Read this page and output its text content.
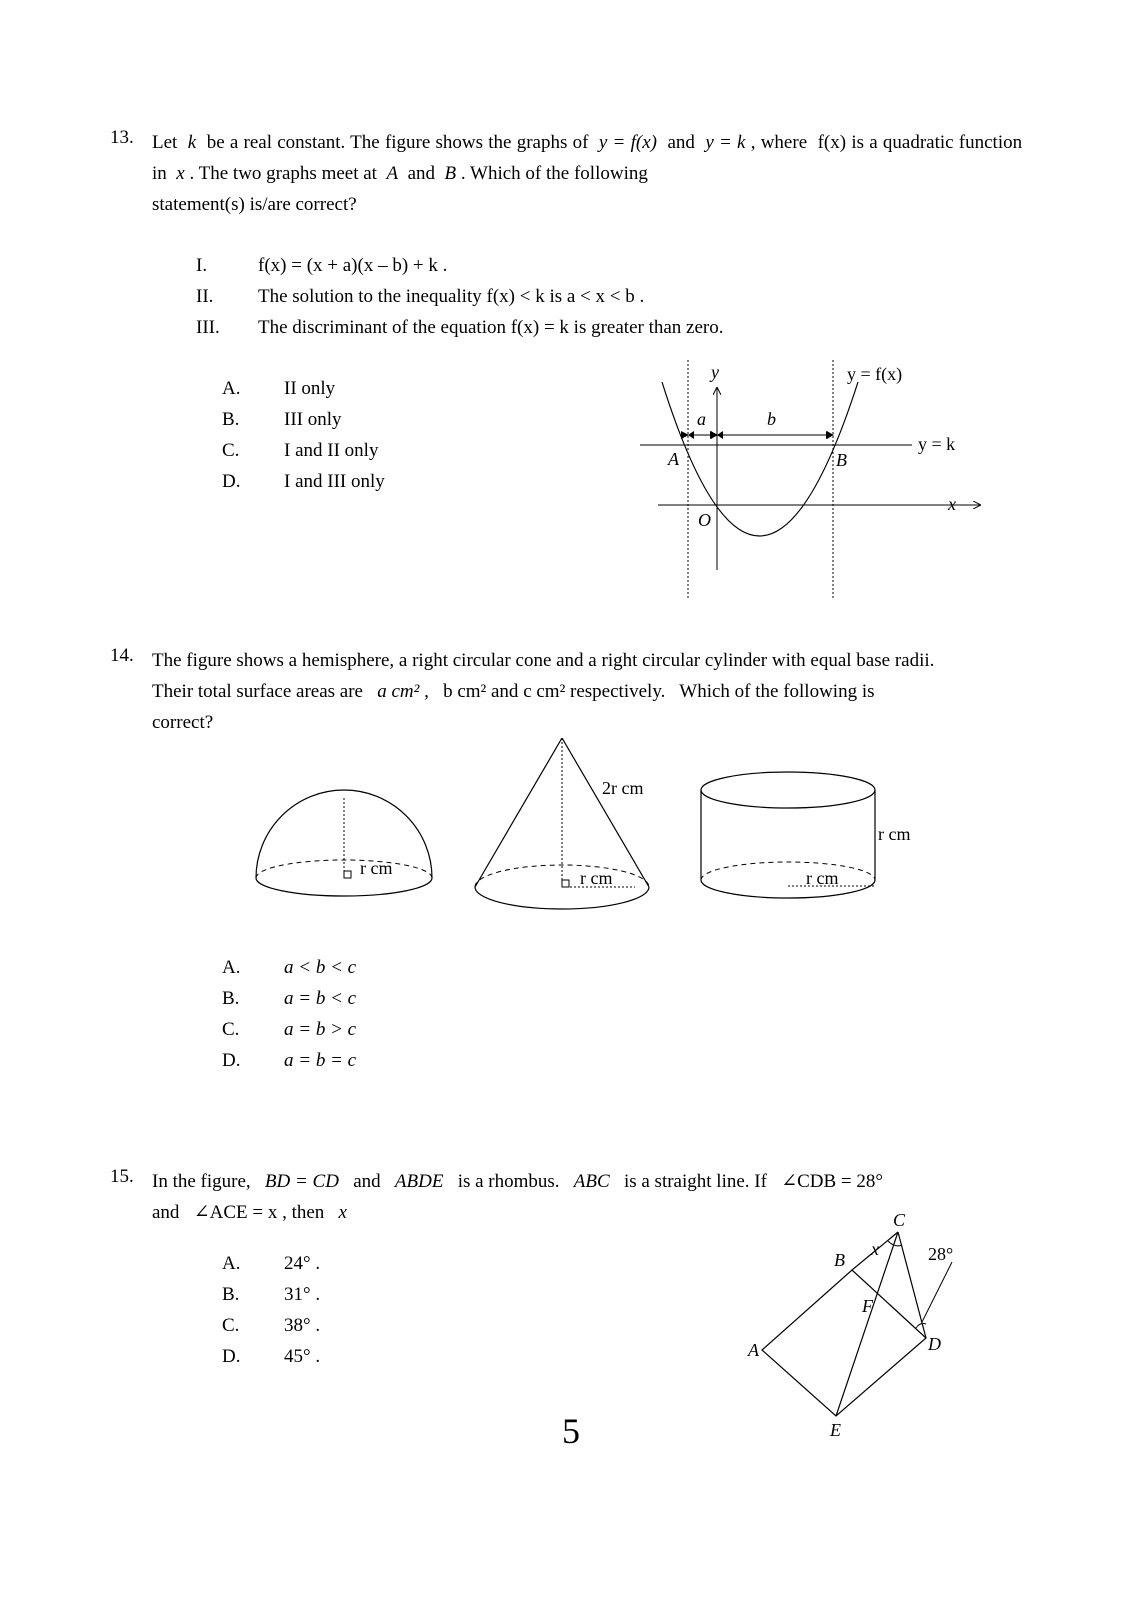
13. Let k be a real constant. The figure shows the graphs of y = f(x) and y = k , where f(x) is a quadratic function in x . The two graphs meet at A and B . Which of the following
statement(s) is/are correct?
I.	f(x) = (x + a)(x – b) + k .
II. The solution to the inequality f(x) < k is a < x < b .
III. The discriminant of the equation f(x) = k is greater than zero.
A. II only
B. III only
C. I and II only
D. I and III only
y
x
y = f(x)
y = k
O
A	B
a	b
14. The figure shows a hemisphere, a right circular cone and a right circular cylinder with equal base radii.
Their total surface areas are a cm² , b cm² and c cm² respectively. Which of the following is
correct?
r cm
2r cm
r cm
r cm
r cm
A. a < b < c
B. a = b < c
C. a = b > c
D. a = b = c
15. In the figure, BD = CD and ABDE is a rhombus. ABC is a straight line. If ∠CDB = 28°
and ∠ACE = x , then x
A. 24° .
B. 31° .
C. 38° .
D. 45° .	A
B
C
D
E
F
x	28°
5
